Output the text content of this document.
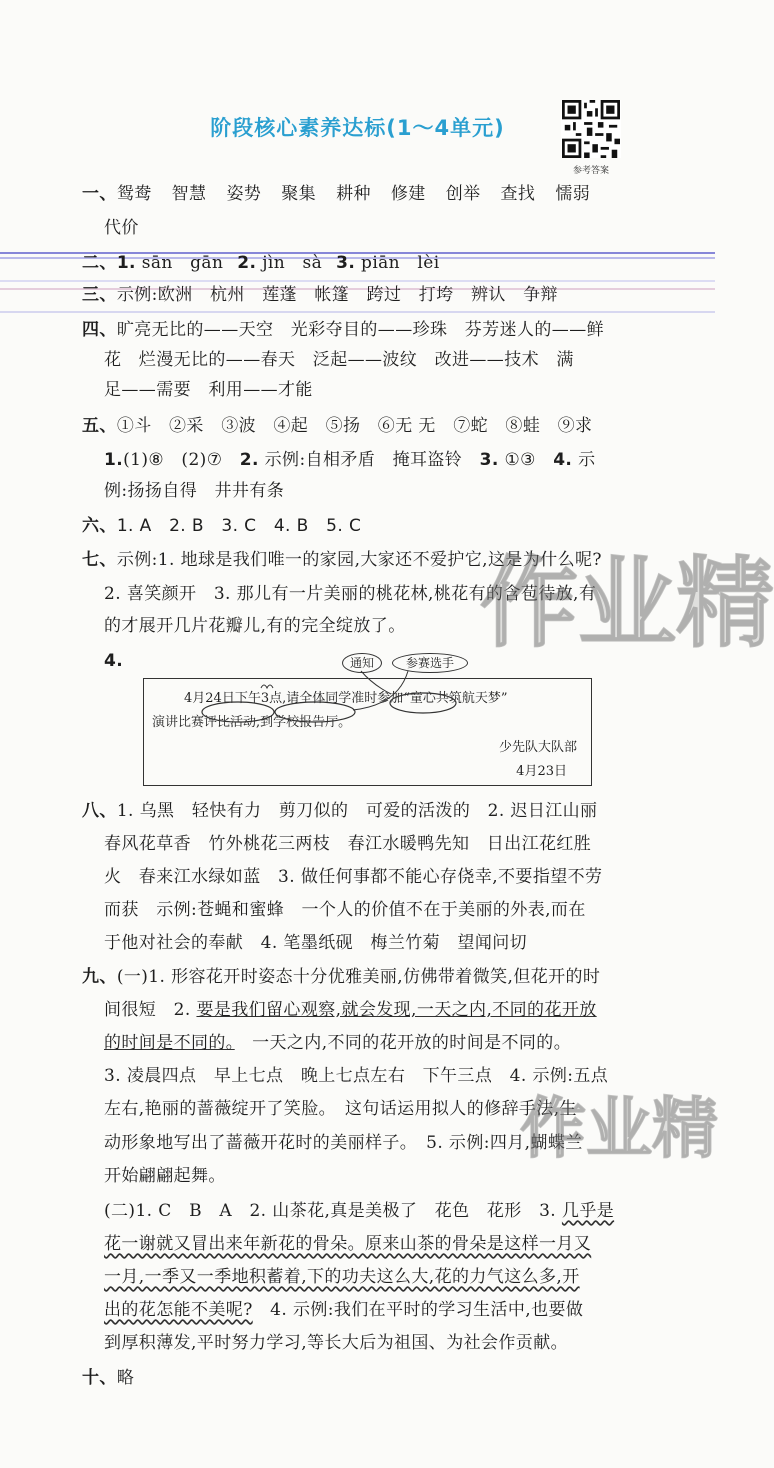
阶段核心素养达标(1～4单元)
参考答案
一、鸳鸯 智慧 姿势 聚集 耕种 修建 创举 查找 懦弱
代价
二、1. sān　gān 2. jìn　sà 3. piān　lèi
三、示例:欧洲　杭州　莲蓬　帐篷　跨过　打垮　辨认　争辩
四、旷亮无比的——天空　光彩夺目的——珍珠　芬芳迷人的——鲜
花　烂漫无比的——春天　泛起——波纹　改进——技术　满
足——需要　利用——才能
五、①斗　②采　③波　④起　⑤扬　⑥无 无　⑦蛇　⑧蛙　⑨求
1.(1)⑧　(2)⑦　2. 示例:自相矛盾　掩耳盗铃　3. ①③　4. 示
例:扬扬自得　井井有条
六、1. A　2. B　3. C　4. B　5. C
七、示例:1. 地球是我们唯一的家园,大家还不爱护它,这是为什么呢?
2. 喜笑颜开　3. 那儿有一片美丽的桃花林,桃花有的含苞待放,有
的才展开几片花瓣儿,有的完全绽放了。
4.	通知	参赛选手
4月24日下午3点,请全体同学准时参加“童心共筑航天梦”
演讲比赛评比活动,到学校报告厅。
少先队大队部
4月23日
八、1. 乌黑　轻快有力　剪刀似的　可爱的活泼的　2. 迟日江山丽
春风花草香　竹外桃花三两枝　春江水暖鸭先知　日出江花红胜
火　春来江水绿如蓝　3. 做任何事都不能心存侥幸,不要指望不劳
而获　示例:苍蝇和蜜蜂　一个人的价值不在于美丽的外表,而在
于他对社会的奉献　4. 笔墨纸砚　梅兰竹菊　望闻问切
九、(一)1. 形容花开时姿态十分优雅美丽,仿佛带着微笑,但花开的时
间很短　2. 要是我们留心观察,就会发现,一天之内,不同的花开放
的时间是不同的。　一天之内,不同的花开放的时间是不同的。
3. 凌晨四点　早上七点　晚上七点左右　下午三点　4. 示例:五点
左右,艳丽的蔷薇绽开了笑脸。　这句话运用拟人的修辞手法,生
动形象地写出了蔷薇开花时的美丽样子。　5. 示例:四月,蝴蝶兰
开始翩翩起舞。
(二)1. C　B　A　2. 山茶花,真是美极了　花色　花形　3. 几乎是
花一谢就又冒出来年新花的骨朵。原来山茶的骨朵是这样一月又
一月,一季又一季地积蓄着,下的功夫这么大,花的力气这么多,开
出的花怎能不美呢?　4. 示例:我们在平时的学习生活中,也要做
到厚积薄发,平时努力学习,等长大后为祖国、为社会作贡献。
十、略
作业精
作业精
